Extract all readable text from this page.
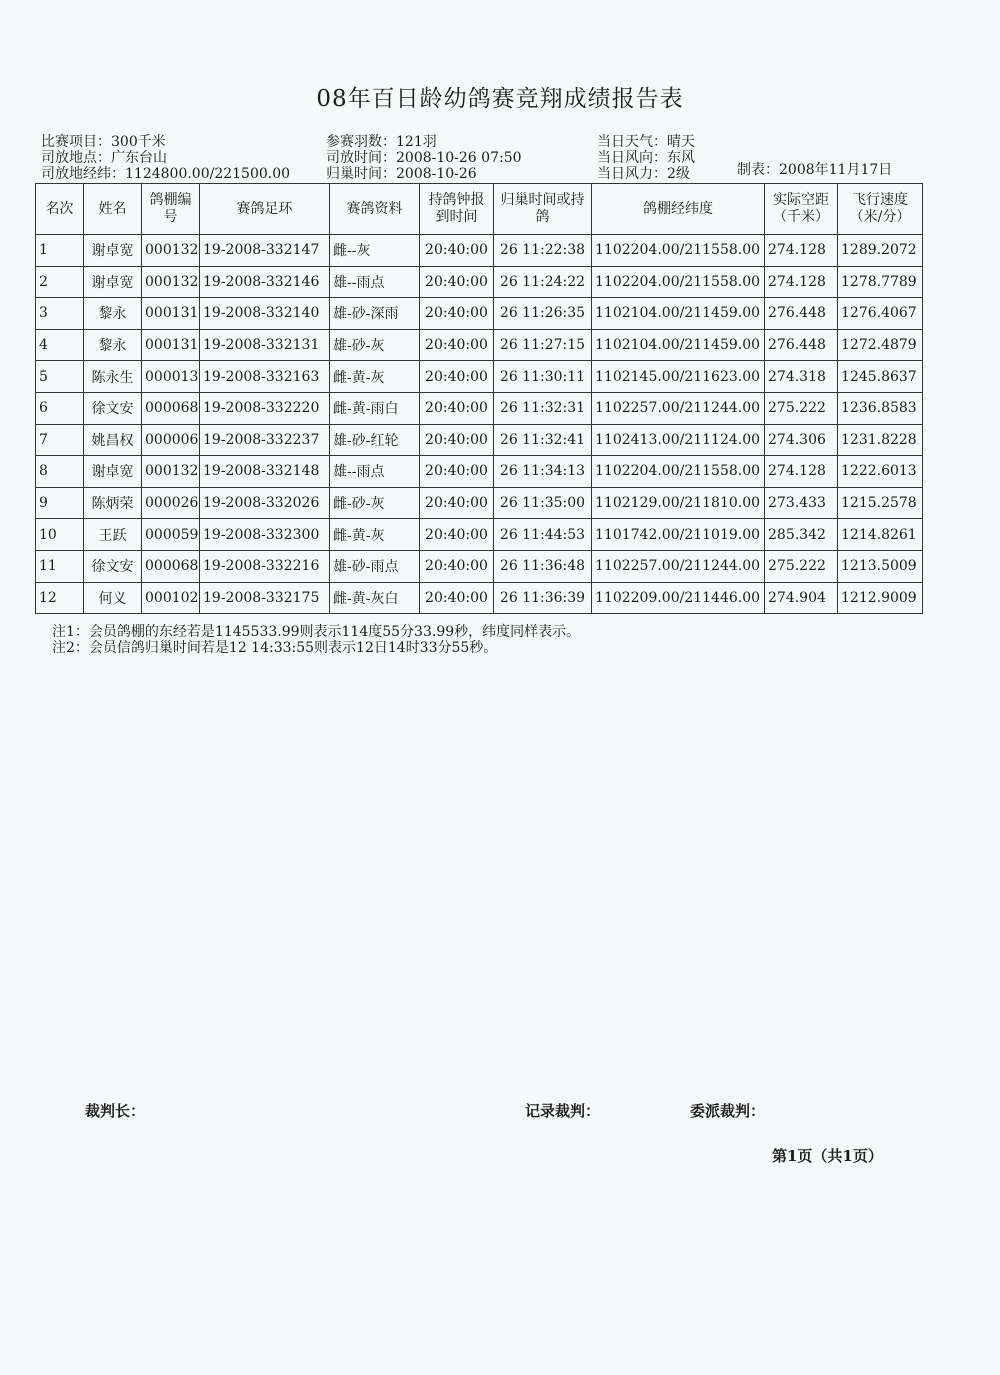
08年百日龄幼鸽赛竞翔成绩报告表
比赛项目：300千米
司放地点：广东台山
司放地经纬：1124800.00/221500.00
参赛羽数：121羽
司放时间：2008-10-26 07:50
归巢时间：2008-10-26
当日天气：晴天
当日风向：东风
当日风力：2级	制表：2008年11月17日
名次	姓名	鸽棚编号	赛鸽足环	赛鸽资料	持鸽钟报到时间	归巢时间或持鸽	鸽棚经纬度	实际空距（千米）	飞行速度（米/分）
1	谢卓宽	000132	19-2008-332147	雌--灰	20:40:00	26 11:22:38	1102204.00/211558.00	274.128	1289.2072
2	谢卓宽	000132	19-2008-332146	雄--雨点	20:40:00	26 11:24:22	1102204.00/211558.00	274.128	1278.7789
3	黎永	000131	19-2008-332140	雄-砂-深雨	20:40:00	26 11:26:35	1102104.00/211459.00	276.448	1276.4067
4	黎永	000131	19-2008-332131	雄-砂-灰	20:40:00	26 11:27:15	1102104.00/211459.00	276.448	1272.4879
5	陈永生	000013	19-2008-332163	雌-黄-灰	20:40:00	26 11:30:11	1102145.00/211623.00	274.318	1245.8637
6	徐文安	000068	19-2008-332220	雌-黄-雨白	20:40:00	26 11:32:31	1102257.00/211244.00	275.222	1236.8583
7	姚昌权	000006	19-2008-332237	雄-砂-红轮	20:40:00	26 11:32:41	1102413.00/211124.00	274.306	1231.8228
8	谢卓宽	000132	19-2008-332148	雄--雨点	20:40:00	26 11:34:13	1102204.00/211558.00	274.128	1222.6013
9	陈炳荣	000026	19-2008-332026	雌-砂-灰	20:40:00	26 11:35:00	1102129.00/211810.00	273.433	1215.2578
10	王跃	000059	19-2008-332300	雌-黄-灰	20:40:00	26 11:44:53	1101742.00/211019.00	285.342	1214.8261
11	徐文安	000068	19-2008-332216	雄-砂-雨点	20:40:00	26 11:36:48	1102257.00/211244.00	275.222	1213.5009
12	何义	000102	19-2008-332175	雌-黄-灰白	20:40:00	26 11:36:39	1102209.00/211446.00	274.904	1212.9009
注1：会员鸽棚的东经若是1145533.99则表示114度55分33.99秒，纬度同样表示。
注2：会员信鸽归巢时间若是12 14:33:55则表示12日14时33分55秒。
裁判长：	记录裁判：	委派裁判：
第1页（共1页）
